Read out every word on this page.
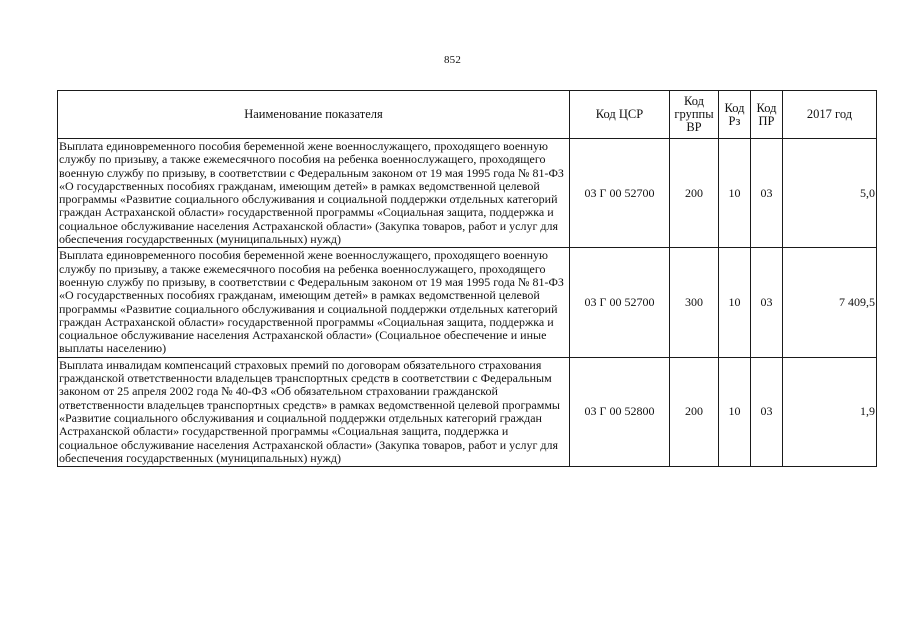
852
Наименование показателя	Код ЦСР	Код группы ВР	Код Рз	Код ПР	2017 год
Выплата единовременного пособия беременной жене военнослужащего, проходящего военную службу по призыву, а также ежемесячного пособия на ребенка военнослужащего, проходящего военную службу по призыву, в соответствии с Федеральным законом от 19 мая 1995 года № 81-ФЗ «О государственных пособиях гражданам, имеющим детей» в рамках ведомственной целевой программы «Развитие социального обслуживания и социальной поддержки отдельных категорий граждан Астраханской области» государственной программы «Социальная защита, поддержка и социальное обслуживание населения Астраханской области» (Закупка товаров, работ и услуг для обеспечения государственных (муниципальных) нужд)	03 Г 00 52700	200	10	03	5,0
Выплата единовременного пособия беременной жене военнослужащего, проходящего военную службу по призыву, а также ежемесячного пособия на ребенка военнослужащего, проходящего военную службу по призыву, в соответствии с Федеральным законом от 19 мая 1995 года № 81-ФЗ «О государственных пособиях гражданам, имеющим детей» в рамках ведомственной целевой программы «Развитие социального обслуживания и социальной поддержки отдельных категорий граждан Астраханской области» государственной программы «Социальная защита, поддержка и социальное обслуживание населения Астраханской области» (Социальное обеспечение и иные выплаты населению)	03 Г 00 52700	300	10	03	7 409,5
Выплата инвалидам компенсаций страховых премий по договорам обязательного страхования гражданской ответственности владельцев транспортных средств в соответствии с Федеральным законом от 25 апреля 2002 года № 40-ФЗ «Об обязательном страховании гражданской ответственности владельцев транспортных средств» в рамках ведомственной целевой программы «Развитие социального обслуживания и социальной поддержки отдельных категорий граждан Астраханской области» государственной программы «Социальная защита, поддержка и социальное обслуживание населения Астраханской области» (Закупка товаров, работ и услуг для обеспечения государственных (муниципальных) нужд)	03 Г 00 52800	200	10	03	1,9
